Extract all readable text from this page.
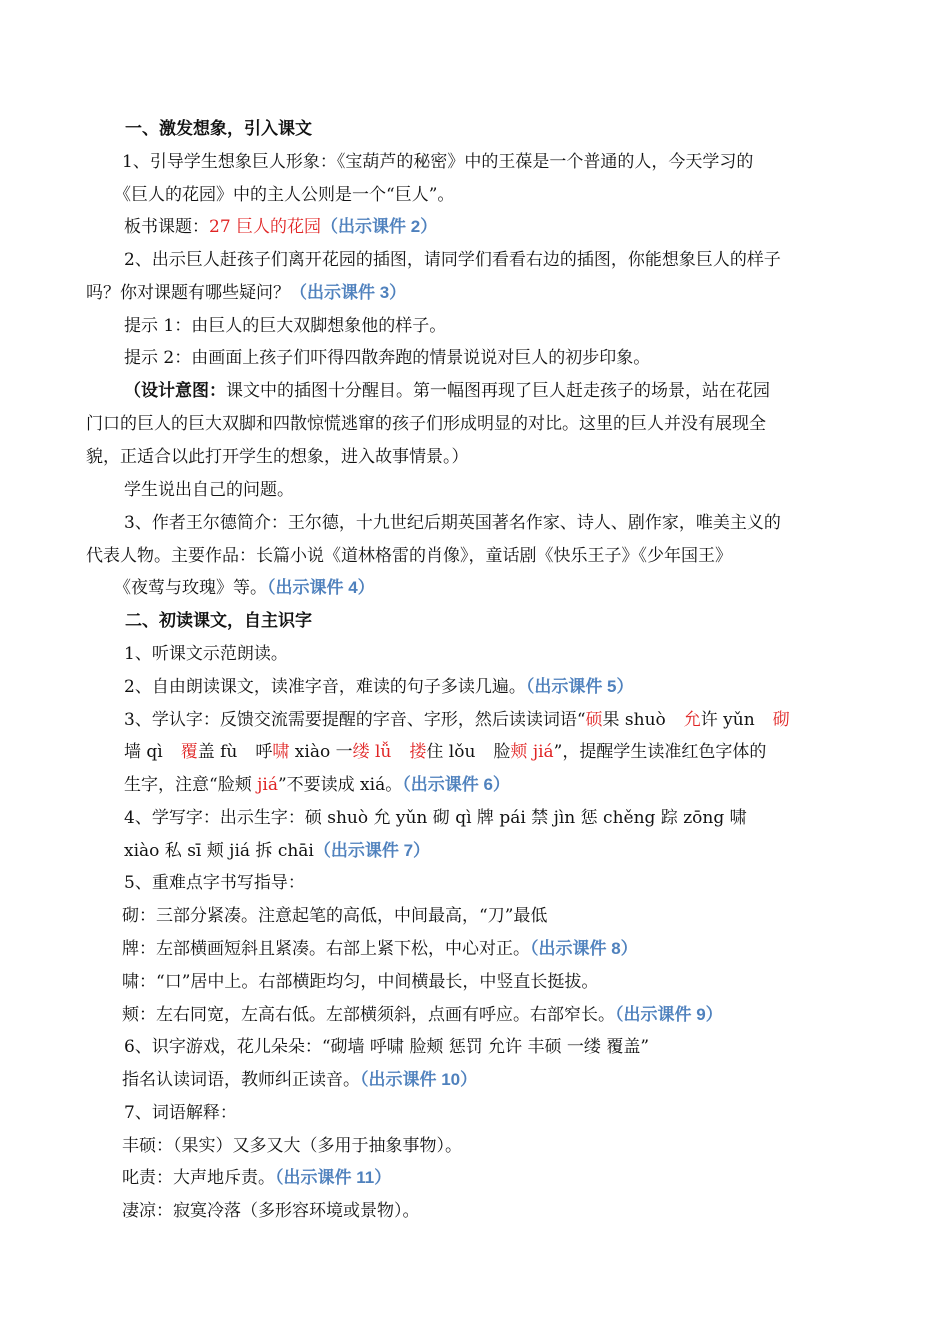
一、激发想象，引入课文
1、引导学生想象巨人形象：《宝葫芦的秘密》中的王葆是一个普通的人，今天学习的
《巨人的花园》中的主人公则是一个“巨人”。
板书课题：27 巨人的花园（出示课件 2）
2、出示巨人赶孩子们离开花园的插图，请同学们看看右边的插图，你能想象巨人的样子
吗？你对课题有哪些疑问？（出示课件 3）
提示 1：由巨人的巨大双脚想象他的样子。
提示 2：由画面上孩子们吓得四散奔跑的情景说说对巨人的初步印象。
（设计意图：课文中的插图十分醒目。第一幅图再现了巨人赶走孩子的场景，站在花园
门口的巨人的巨大双脚和四散惊慌逃窜的孩子们形成明显的对比。这里的巨人并没有展现全
貌，正适合以此打开学生的想象，进入故事情景。）
学生说出自己的问题。
3、作者王尔德简介：王尔德，十九世纪后期英国著名作家、诗人、剧作家，唯美主义的
代表人物。主要作品：长篇小说《道林格雷的肖像》，童话剧《快乐王子》《少年国王》
《夜莺与玫瑰》等。（出示课件 4）
二、初读课文，自主识字
1、听课文示范朗读。
2、自由朗读课文，读准字音，难读的句子多读几遍。（出示课件 5）
3、学认字：反馈交流需要提醒的字音、字形，然后读读词语“硕果 shuò 允许 yǔn 砌
墙 qì 覆盖 fù 呼啸 xiào 一缕 lǚ 搂住 lǒu 脸颊 jiá”，提醒学生读准红色字体的
生字，注意“脸颊 jiá”不要读成 xiá。（出示课件 6）
4、学写字：出示生字：硕 shuò 允 yǔn 砌 qì 牌 pái 禁 jìn 惩 chěng 踪 zōng 啸
xiào 私 sī 颊 jiá 拆 chāi（出示课件 7）
5、重难点字书写指导：
砌：三部分紧凑。注意起笔的高低，中间最高，“刀”最低
牌：左部横画短斜且紧凑。右部上紧下松，中心对正。（出示课件 8）
啸：“口”居中上。右部横距均匀，中间横最长，中竖直长挺拔。
颊：左右同宽，左高右低。左部横须斜，点画有呼应。右部窄长。（出示课件 9）
6、识字游戏，花儿朵朵：“砌墙 呼啸 脸颊 惩罚 允许 丰硕 一缕 覆盖”
指名认读词语，教师纠正读音。（出示课件 10）
7、词语解释：
丰硕：（果实）又多又大（多用于抽象事物）。
叱责：大声地斥责。（出示课件 11）
凄凉：寂寞冷落（多形容环境或景物）。
